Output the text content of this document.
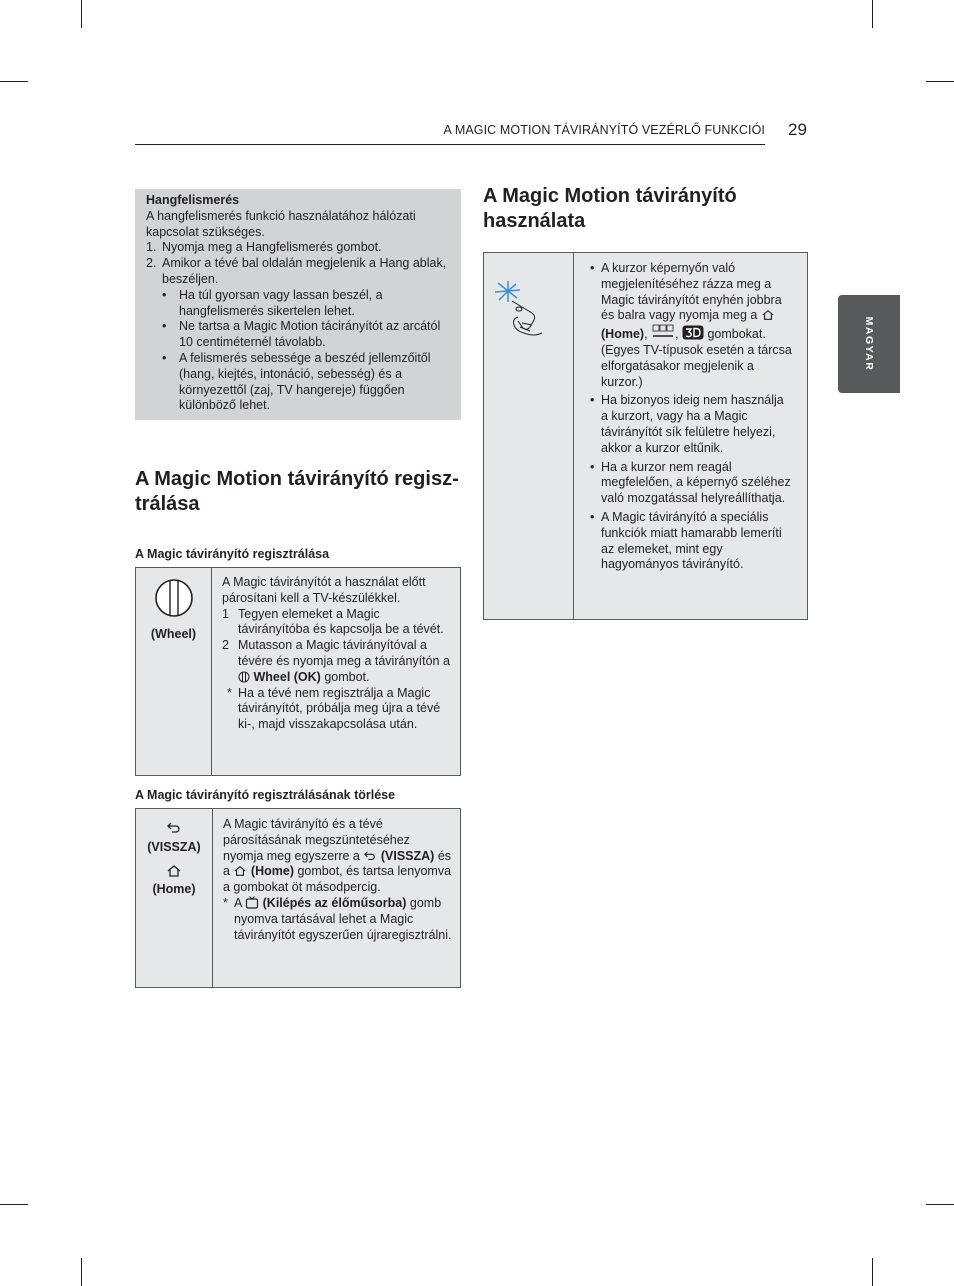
A MAGIC MOTION TÁVIRÁNYÍTÓ VEZÉRLŐ FUNKCIÓI 29
MAGYAR
Hangfelismerés
A hangfelismerés funkció használatához hálózati kapcsolat szükséges.
1. Nyomja meg a Hangfelismerés gombot.
2. Amikor a tévé bal oldalán megjelenik a Hang ablak, beszéljen.
• Ha túl gyorsan vagy lassan beszél, a hangfelismerés sikertelen lehet.
• Ne tartsa a Magic Motion tácirányítót az arcától 10 centiméternél távolabb.
• A felismerés sebessége a beszéd jellemzőitől (hang, kiejtés, intonáció, sebesség) és a környezettől (zaj, TV hangereje) függően különböző lehet.
A Magic Motion távirányító regisz-
trálása
A Magic távirányító regisztrálása
(Wheel)

A Magic távirányítót a használat előtt párosítani kell a TV-készülékkel.
1 Tegyen elemeket a Magic távirányítóba és kapcsolja be a tévét.
2 Mutasson a Magic távirányítóval a tévére és nyomja meg a távirányítón a  Wheel (OK) gombot.
* Ha a tévé nem regisztrálja a Magic távirányítót, próbálja meg újra a tévé ki-, majd visszakapcsolása után.
A Magic távirányító regisztrálásának törlése
(VISSZA)
(Home)

A Magic távirányító és a tévé párosításának megszüntetéséhez nyomja meg egyszerre a (VISSZA) és a (Home) gombot, és tartsa lenyomva a gombokat öt másodpercig.
* A (Kilépés az élőműsorba) gomb nyomva tartásával lehet a Magic távirányítót egyszerűen újraregisztrálni.
A Magic Motion távirányító
használata

• A kurzor képernyőn való megjelenítéséhez rázza meg a Magic távirányítót enyhén jobbra és balra vagy nyomja meg a  (Home), ,  gombokat. (Egyes TV-típusok esetén a tárcsa elforgatásakor megjelenik a kurzor.)
• Ha bizonyos ideig nem használja a kurzort, vagy ha a Magic távirányítót sík felületre helyezi, akkor a kurzor eltűnik.
• Ha a kurzor nem reagál megfelelően, a képernyő széléhez való mozgatással helyreállíthatja.
• A Magic távirányító a speciális funkciók miatt hamarabb lemeríti az elemeket, mint egy hagyományos távirányító.
